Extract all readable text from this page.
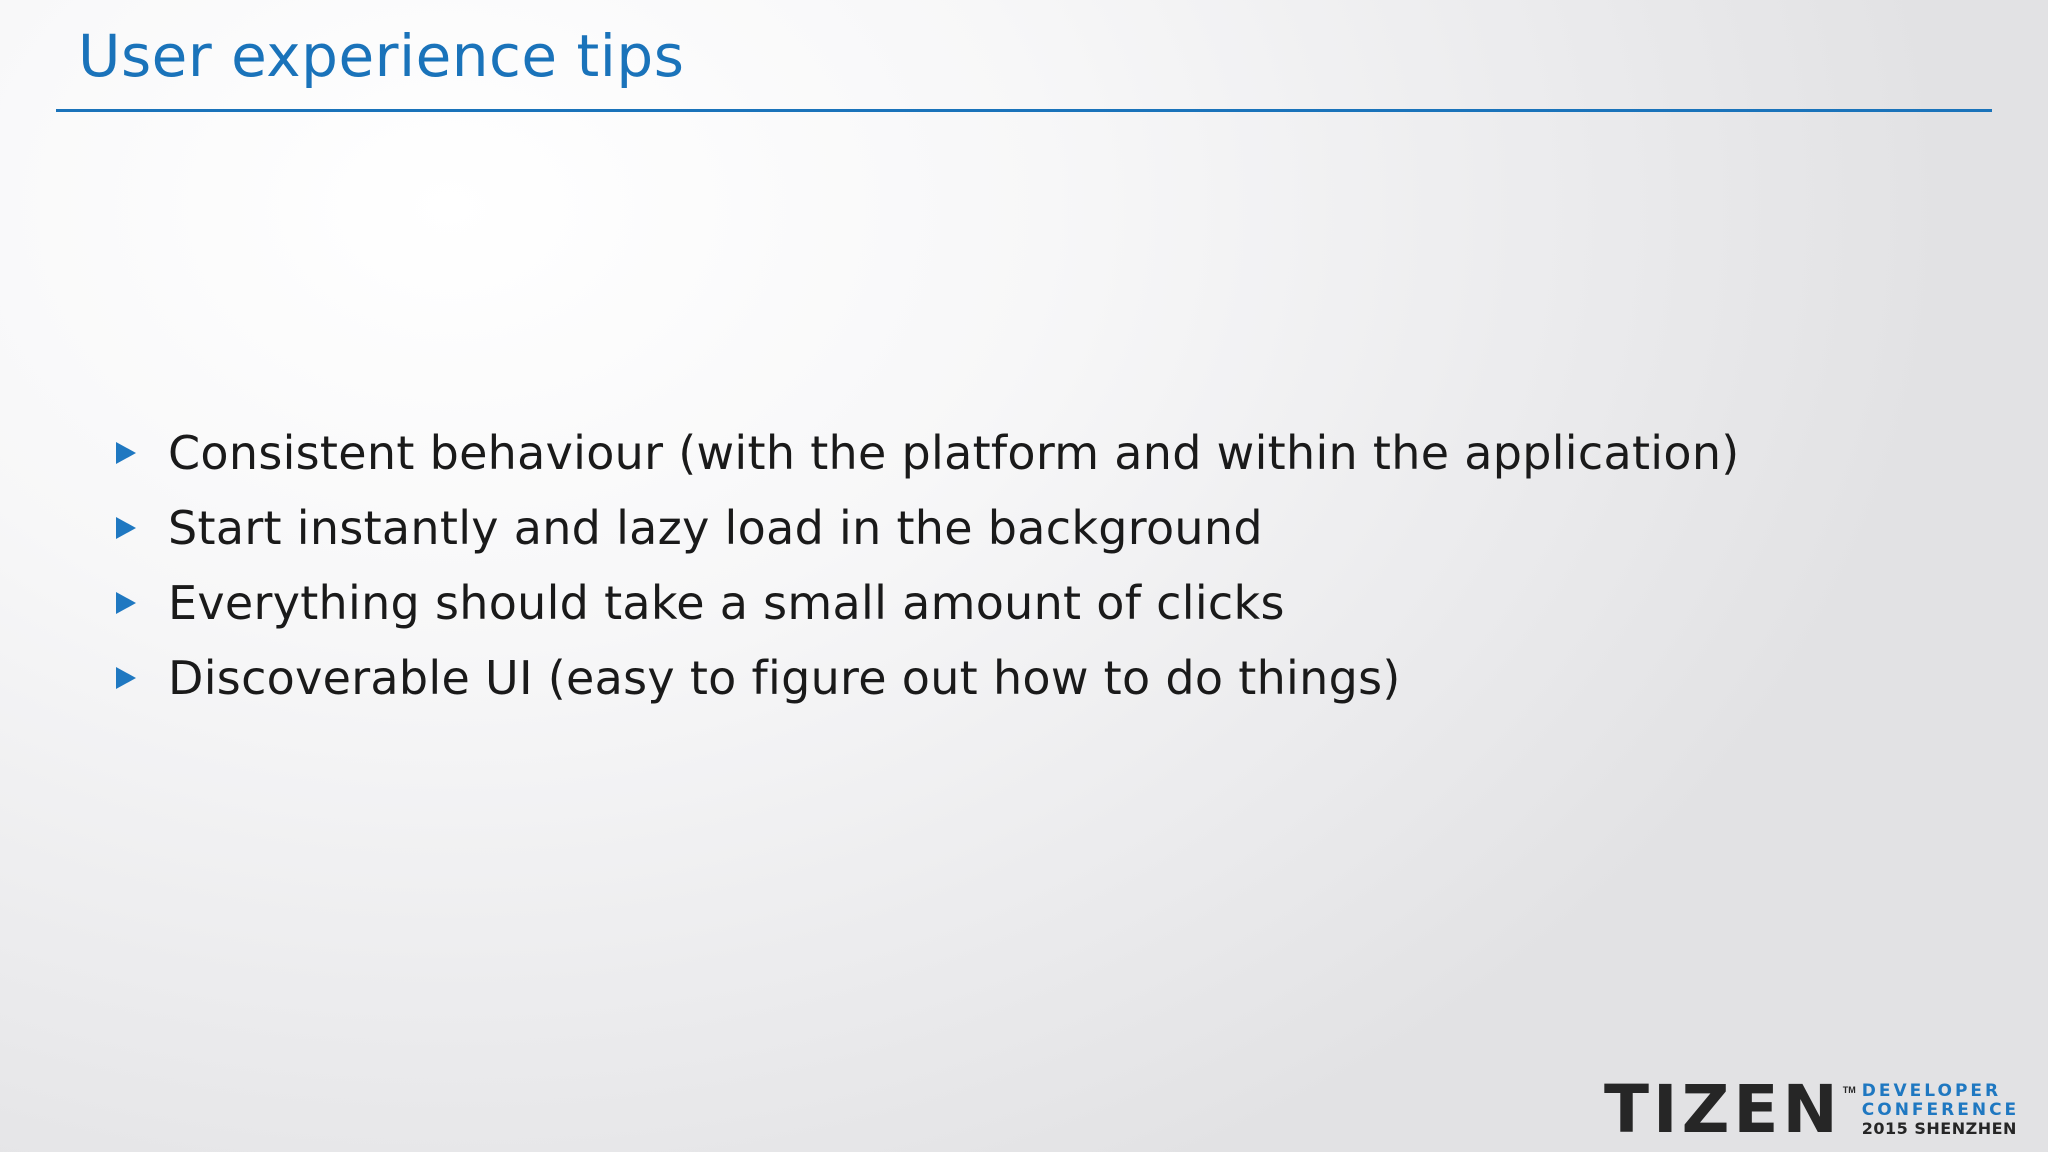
User experience tips
Consistent behaviour (with the platform and within the application)
Start instantly and lazy load in the background
Everything should take a small amount of clicks
Discoverable UI (easy to figure out how to do things)
TIZEN TM DEVELOPER
CONFERENCE
2015 SHENZHEN
